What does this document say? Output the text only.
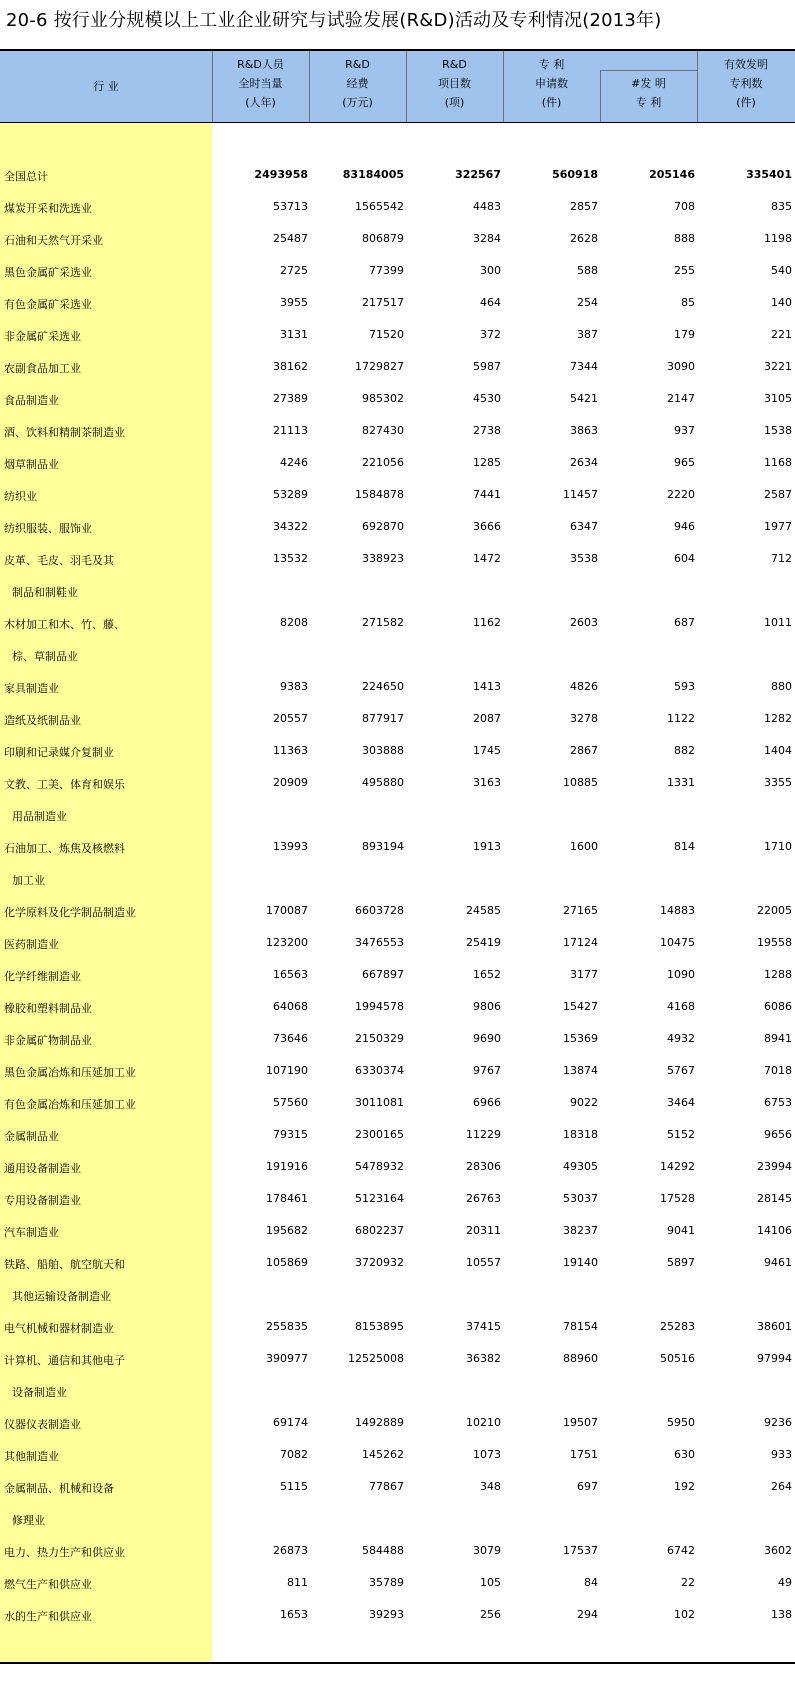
20-6 按行业分规模以上工业企业研究与试验发展(R&D)活动及专利情况(2013年)
行 业
R&D人员
全时当量
(人年)
R&D
经费
(万元)
R&D
项目数
(项)
专 利
申请数
(件)
#发 明
专 利
有效发明
专利数
(件)
全国总计	2493958	83184005	322567	560918	205146	335401
煤炭开采和洗选业	53713	1565542	4483	2857	708	835
石油和天然气开采业	25487	806879	3284	2628	888	1198
黑色金属矿采选业	2725	77399	300	588	255	540
有色金属矿采选业	3955	217517	464	254	85	140
非金属矿采选业	3131	71520	372	387	179	221
农副食品加工业	38162	1729827	5987	7344	3090	3221
食品制造业	27389	985302	4530	5421	2147	3105
酒、饮料和精制茶制造业	21113	827430	2738	3863	937	1538
烟草制品业	4246	221056	1285	2634	965	1168
纺织业	53289	1584878	7441	11457	2220	2587
纺织服装、服饰业	34322	692870	3666	6347	946	1977
皮革、毛皮、羽毛及其	13532	338923	1472	3538	604	712
制品和制鞋业
木材加工和木、竹、藤、	8208	271582	1162	2603	687	1011
棕、草制品业
家具制造业	9383	224650	1413	4826	593	880
造纸及纸制品业	20557	877917	2087	3278	1122	1282
印刷和记录媒介复制业	11363	303888	1745	2867	882	1404
文教、工美、体育和娱乐	20909	495880	3163	10885	1331	3355
用品制造业
石油加工、炼焦及核燃料	13993	893194	1913	1600	814	1710
加工业
化学原料及化学制品制造业	170087	6603728	24585	27165	14883	22005
医药制造业	123200	3476553	25419	17124	10475	19558
化学纤维制造业	16563	667897	1652	3177	1090	1288
橡胶和塑料制品业	64068	1994578	9806	15427	4168	6086
非金属矿物制品业	73646	2150329	9690	15369	4932	8941
黑色金属冶炼和压延加工业	107190	6330374	9767	13874	5767	7018
有色金属冶炼和压延加工业	57560	3011081	6966	9022	3464	6753
金属制品业	79315	2300165	11229	18318	5152	9656
通用设备制造业	191916	5478932	28306	49305	14292	23994
专用设备制造业	178461	5123164	26763	53037	17528	28145
汽车制造业	195682	6802237	20311	38237	9041	14106
铁路、船舶、航空航天和	105869	3720932	10557	19140	5897	9461
其他运输设备制造业
电气机械和器材制造业	255835	8153895	37415	78154	25283	38601
计算机、通信和其他电子	390977	12525008	36382	88960	50516	97994
设备制造业
仪器仪表制造业	69174	1492889	10210	19507	5950	9236
其他制造业	7082	145262	1073	1751	630	933
金属制品、机械和设备	5115	77867	348	697	192	264
修理业
电力、热力生产和供应业	26873	584488	3079	17537	6742	3602
燃气生产和供应业	811	35789	105	84	22	49
水的生产和供应业	1653	39293	256	294	102	138
